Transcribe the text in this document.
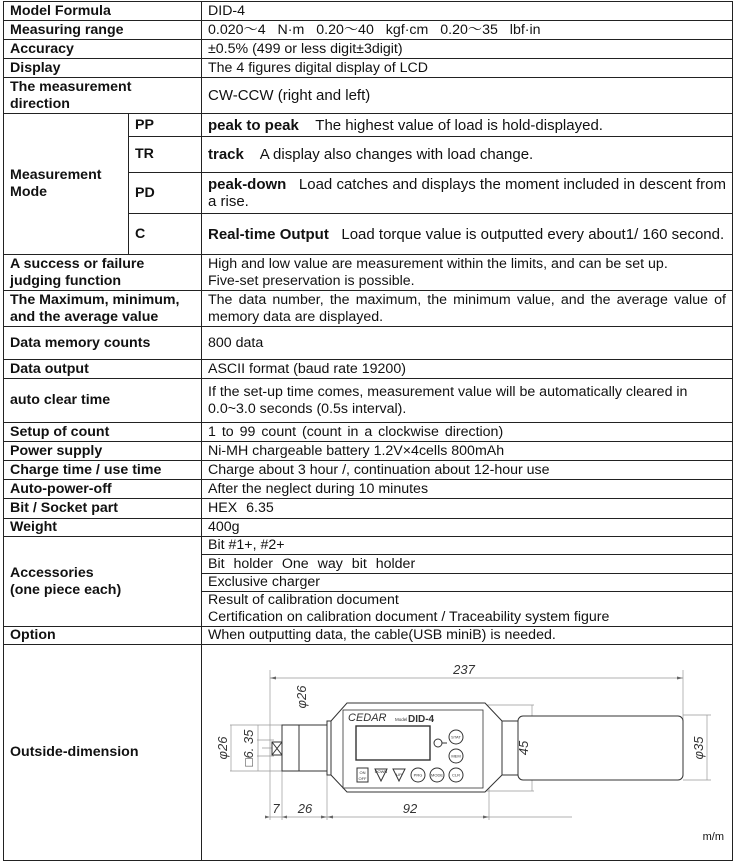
Model Formula		DID-4
Measuring range		0.020〜4 N·m 0.20〜40 kgf·cm 0.20〜35 lbf·in
Accuracy		±0.5% (499 or less digit±3digit)
Display		The 4 figures digital display of LCD
The measurement direction		CW-CCW (right and left)
Measurement Mode	PP	peak to peak The highest value of load is hold-displayed.
	TR	track A display also changes with load change.
	PD	peak-down Load catches and displays the moment included in descent from a rise.
	C	Real-time Output Load torque value is outputted every about1/ 160 second.
A success or failure judging function		High and low value are measurement within the limits, and can be set up.
Five-set preservation is possible.

The Maximum, minimum, and the average value		The data number, the maximum, the minimum value, and the average value of memory data are displayed.
Data memory counts		800 data
Data output		ASCII format (baud rate 19200)
auto clear time		If the set-up time comes, measurement value will be automatically cleared in 0.0~3.0 seconds (0.5s interval).
Setup of count		1 to 99 count (count in a clockwise direction)
Power supply		Ni-MH chargeable battery 1.2V×4cells 800mAh
Charge time / use time		Charge about 3 hour /, continuation about 12-hour use
Auto-power-off		After the neglect during 10 minutes
Bit / Socket part		HEX 6.35
Weight		400g

Accessories
(one piece each)		Bit #1+, #2+
		Bit holder One way bit holder
		Exclusive charger

		Result of calibration document
Certification on calibration document / Traceability system figure

Option		When outputting data, the cable(USB miniB) is needed.
Outside-dimension	
STAT
MEM
CLR
MODE
PRG
UP
DOWN
ON
OFF
CEDAR Model DID-4
237
7 26	92
φ26 □6. 35
φ26
45	φ35
m/m
